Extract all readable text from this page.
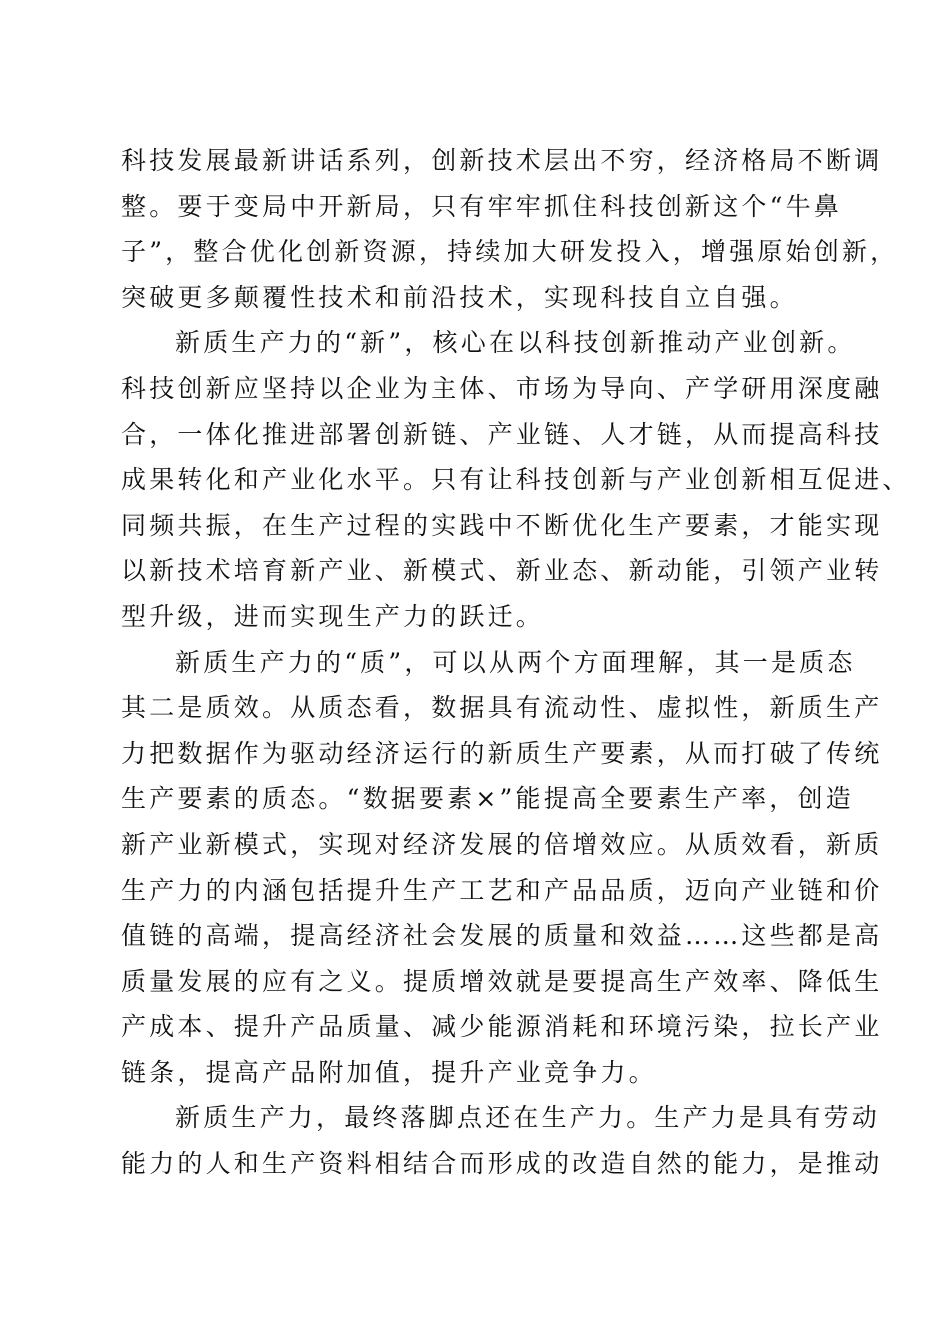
科技发展最新讲话系列，创新技术层出不穷，经济格局不断调
整。要于变局中开新局，只有牢牢抓住科技创新这个“牛鼻
子”，整合优化创新资源，持续加大研发投入，增强原始创新，
突破更多颠覆性技术和前沿技术，实现科技自立自强。
新质生产力的“新”，核心在以科技创新推动产业创新。
科技创新应坚持以企业为主体、市场为导向、产学研用深度融
合，一体化推进部署创新链、产业链、人才链，从而提高科技
成果转化和产业化水平。只有让科技创新与产业创新相互促进、
同频共振，在生产过程的实践中不断优化生产要素，才能实现
以新技术培育新产业、新模式、新业态、新动能，引领产业转
型升级，进而实现生产力的跃迁。
新质生产力的“质”，可以从两个方面理解，其一是质态
其二是质效。从质态看，数据具有流动性、虚拟性，新质生产
力把数据作为驱动经济运行的新质生产要素，从而打破了传统
生产要素的质态。“数据要素×”能提高全要素生产率，创造
新产业新模式，实现对经济发展的倍增效应。从质效看，新质
生产力的内涵包括提升生产工艺和产品品质，迈向产业链和价
值链的高端，提高经济社会发展的质量和效益……这些都是高
质量发展的应有之义。提质增效就是要提高生产效率、降低生
产成本、提升产品质量、减少能源消耗和环境污染，拉长产业
链条，提高产品附加值，提升产业竞争力。
新质生产力，最终落脚点还在生产力。生产力是具有劳动
能力的人和生产资料相结合而形成的改造自然的能力，是推动
